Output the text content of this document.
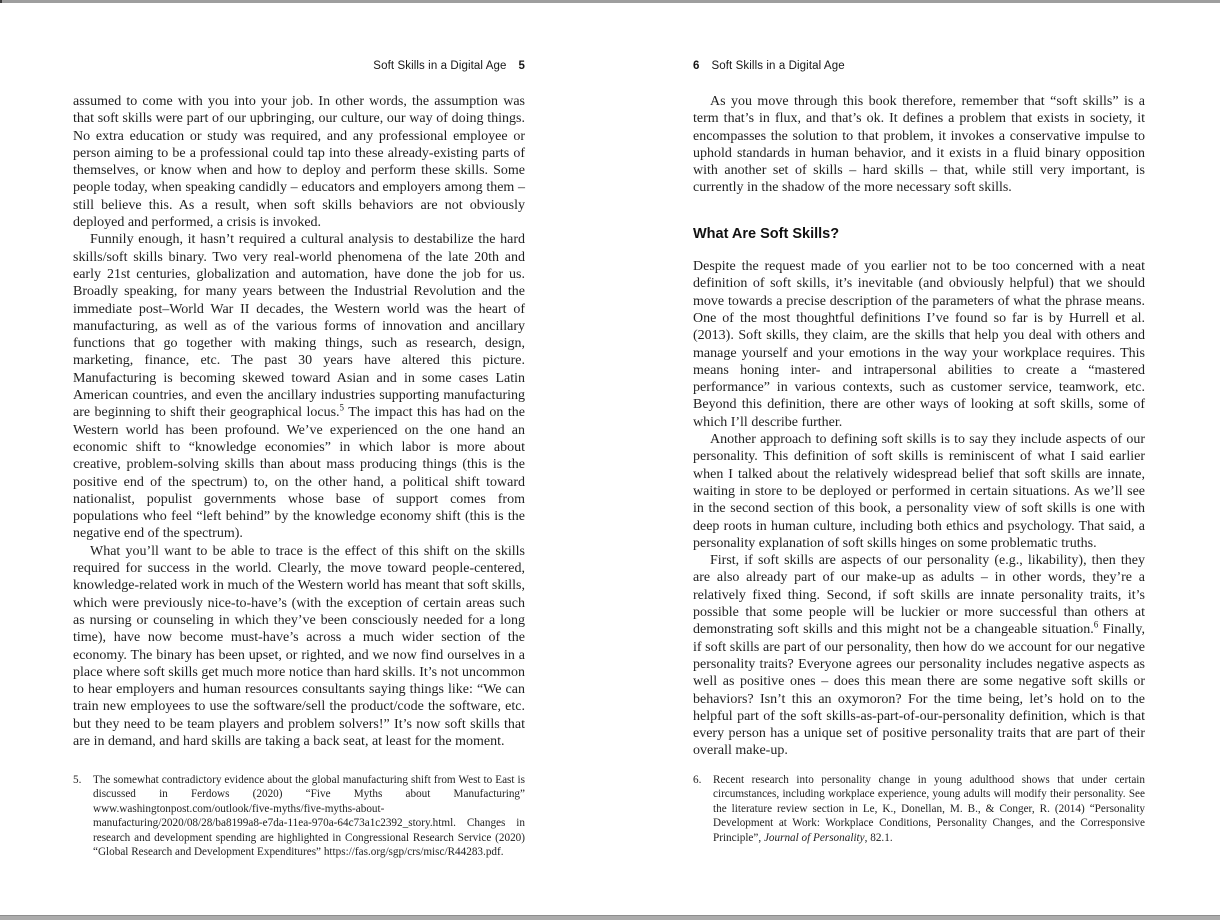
Soft Skills in a Digital Age 5

assumed to come with you into your job. In other words, the assumption was that soft skills were part of our upbringing, our culture, our way of doing things. No extra education or study was required, and any professional employee or person aiming to be a professional could tap into these already-existing parts of themselves, or know when and how to deploy and perform these skills. Some people today, when speaking candidly – educators and employers among them – still believe this. As a result, when soft skills behaviors are not obviously deployed and performed, a crisis is invoked.

Funnily enough, it hasn’t required a cultural analysis to destabilize the hard skills/soft skills binary. Two very real-world phenomena of the late 20th and early 21st centuries, globalization and automation, have done the job for us. Broadly speaking, for many years between the Industrial Revolution and the immediate post–World War II decades, the Western world was the heart of manufacturing, as well as of the various forms of innovation and ancillary functions that go together with making things, such as research, design, marketing, finance, etc. The past 30 years have altered this picture. Manufacturing is becoming skewed toward Asian and in some cases Latin American countries, and even the ancillary industries supporting manufacturing are beginning to shift their geographical locus.$^5$ The impact this has had on the Western world has been profound. We’ve experienced on the one hand an economic shift to “knowledge economies” in which labor is more about creative, problem-solving skills than about mass producing things (this is the positive end of the spectrum) to, on the other hand, a political shift toward nationalist, populist governments whose base of support comes from populations who feel “left behind” by the knowledge economy shift (this is the negative end of the spectrum).

What you’ll want to be able to trace is the effect of this shift on the skills required for success in the world. Clearly, the move toward people-centered, knowledge-related work in much of the Western world has meant that soft skills, which were previously nice-to-have’s (with the exception of certain areas such as nursing or counseling in which they’ve been consciously needed for a long time), have now become must-have’s across a much wider section of the economy. The binary has been upset, or righted, and we now find ourselves in a place where soft skills get much more notice than hard skills. It’s not uncommon to hear employers and human resources consultants saying things like: “We can train new employees to use the software/sell the product/code the software, etc. but they need to be team players and problem solvers!” It’s now soft skills that are in demand, and hard skills are taking a back seat, at least for the moment.

5.	The somewhat contradictory evidence about the global manufacturing shift from West to East is discussed in Ferdows (2020) “Five Myths about Manufacturing” www.washingtonpost.com/outlook/five-myths/five-myths-about-manufacturing/2020/08/28/ba8199a8-e7da-11ea-970a-64c73a1c2392_story.html. Changes in research and development spending are highlighted in Congressional Research Service (2020) “Global Research and Development Expenditures” https://fas.org/sgp/crs/misc/R44283.pdf.
6 Soft Skills in a Digital Age

As you move through this book therefore, remember that “soft skills” is a term that’s in flux, and that’s ok. It defines a problem that exists in society, it encompasses the solution to that problem, it invokes a conservative impulse to uphold standards in human behavior, and it exists in a fluid binary opposition with another set of skills – hard skills – that, while still very important, is currently in the shadow of the more necessary soft skills.

What Are Soft Skills?

Despite the request made of you earlier not to be too concerned with a neat definition of soft skills, it’s inevitable (and obviously helpful) that we should move towards a precise description of the parameters of what the phrase means. One of the most thoughtful definitions I’ve found so far is by Hurrell et al. (2013). Soft skills, they claim, are the skills that help you deal with others and manage yourself and your emotions in the way your workplace requires. This means honing inter- and intrapersonal abilities to create a “mastered performance” in various contexts, such as customer service, teamwork, etc. Beyond this definition, there are other ways of looking at soft skills, some of which I’ll describe further.

Another approach to defining soft skills is to say they include aspects of our personality. This definition of soft skills is reminiscent of what I said earlier when I talked about the relatively widespread belief that soft skills are innate, waiting in store to be deployed or performed in certain situations. As we’ll see in the second section of this book, a personality view of soft skills is one with deep roots in human culture, including both ethics and psychology. That said, a personality explanation of soft skills hinges on some problematic truths.

First, if soft skills are aspects of our personality (e.g., likability), then they are also already part of our make-up as adults – in other words, they’re a relatively fixed thing. Second, if soft skills are innate personality traits, it’s possible that some people will be luckier or more successful than others at demonstrating soft skills and this might not be a changeable situation.$^6$ Finally, if soft skills are part of our personality, then how do we account for our negative personality traits? Everyone agrees our personality includes negative aspects as well as positive ones – does this mean there are some negative soft skills or behaviors? Isn’t this an oxymoron? For the time being, let’s hold on to the helpful part of the soft skills-as-part-of-our-personality definition, which is that every person has a unique set of positive personality traits that are part of their overall make-up.

6.	Recent research into personality change in young adulthood shows that under certain circumstances, including workplace experience, young adults will modify their personality. See the literature review section in Le, K., Donellan, M. B., & Conger, R. (2014) “Personality Development at Work: Workplace Conditions, Personality Changes, and the Corresponsive Principle”, Journal of Personality, 82.1.
